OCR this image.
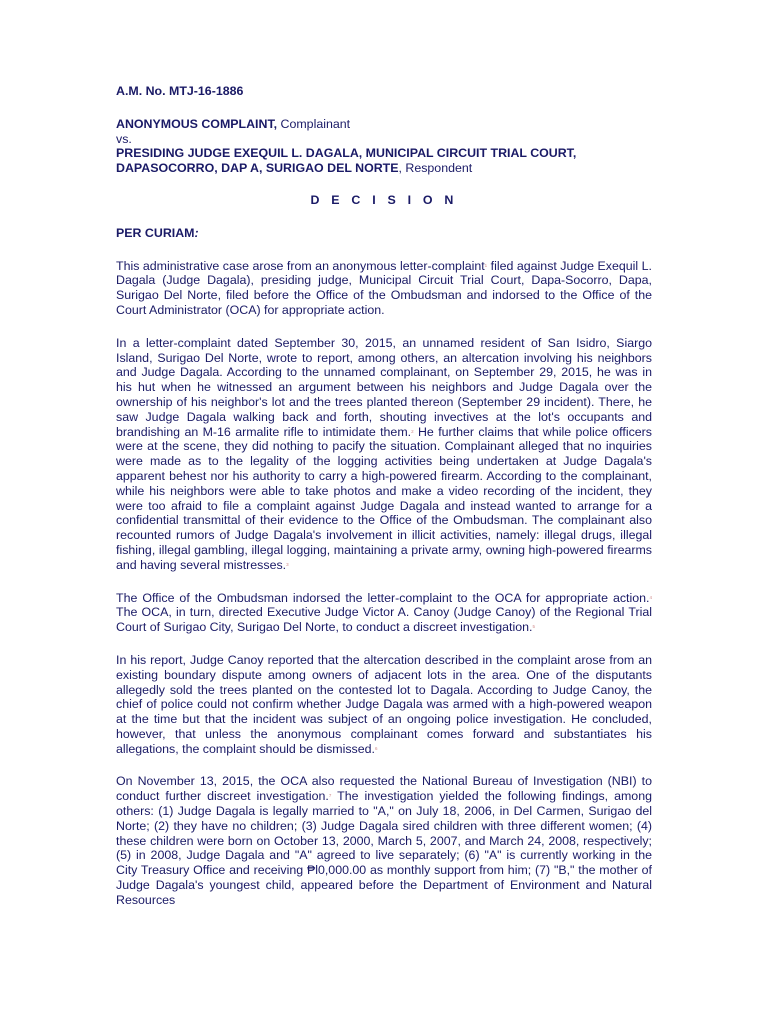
A.M. No. MTJ-16-1886
ANONYMOUS COMPLAINT, Complainant
vs.
PRESIDING JUDGE EXEQUIL L. DAGALA, MUNICIPAL CIRCUIT TRIAL COURT, DAPASOCORRO, DAP A, SURIGAO DEL NORTE, Respondent
D E C I S I O N
PER CURIAM:

This administrative case arose from an anonymous letter-complaint$^1$ filed against Judge Exequil L. Dagala (Judge Dagala), presiding judge, Municipal Circuit Trial Court, Dapa-Socorro, Dapa, Surigao Del Norte, filed before the Office of the Ombudsman and indorsed to the Office of the Court Administrator (OCA) for appropriate action.

In a letter-complaint dated September 30, 2015, an unnamed resident of San Isidro, Siargo Island, Surigao Del Norte, wrote to report, among others, an altercation involving his neighbors and Judge Dagala. According to the unnamed complainant, on September 29, 2015, he was in his hut when he witnessed an argument between his neighbors and Judge Dagala over the ownership of his neighbor's lot and the trees planted thereon (September 29 incident). There, he saw Judge Dagala walking back and forth, shouting invectives at the lot's occupants and brandishing an M-16 armalite rifle to intimidate them.$^2$ He further claims that while police officers were at the scene, they did nothing to pacify the situation. Complainant alleged that no inquiries were made as to the legality of the logging activities being undertaken at Judge Dagala's apparent behest nor his authority to carry a high-powered firearm. According to the complainant, while his neighbors were able to take photos and make a video recording of the incident, they were too afraid to file a complaint against Judge Dagala and instead wanted to arrange for a confidential transmittal of their evidence to the Office of the Ombudsman. The complainant also recounted rumors of Judge Dagala's involvement in illicit activities, namely: illegal drugs, illegal fishing, illegal gambling, illegal logging, maintaining a private army, owning high-powered firearms and having several mistresses.$^3$

The Office of the Ombudsman indorsed the letter-complaint to the OCA for appropriate action.$^4$ The OCA, in turn, directed Executive Judge Victor A. Canoy (Judge Canoy) of the Regional Trial Court of Surigao City, Surigao Del Norte, to conduct a discreet investigation.$^5$

In his report, Judge Canoy reported that the altercation described in the complaint arose from an existing boundary dispute among owners of adjacent lots in the area. One of the disputants allegedly sold the trees planted on the contested lot to Dagala. According to Judge Canoy, the chief of police could not confirm whether Judge Dagala was armed with a high-powered weapon at the time but that the incident was subject of an ongoing police investigation. He concluded, however, that unless the anonymous complainant comes forward and substantiates his allegations, the complaint should be dismissed.$^6$

On November 13, 2015, the OCA also requested the National Bureau of Investigation (NBI) to conduct further discreet investigation.$^7$ The investigation yielded the following findings, among others: (1) Judge Dagala is legally married to "A," on July 18, 2006, in Del Carmen, Surigao del Norte; (2) they have no children; (3) Judge Dagala sired children with three different women; (4) these children were born on October 13, 2000, March 5, 2007, and March 24, 2008, respectively; (5) in 2008, Judge Dagala and "A" agreed to live separately; (6) "A" is currently working in the City Treasury Office and receiving ₱l0,000.00 as monthly support from him; (7) "B," the mother of Judge Dagala's youngest child, appeared before the Department of Environment and Natural Resources
